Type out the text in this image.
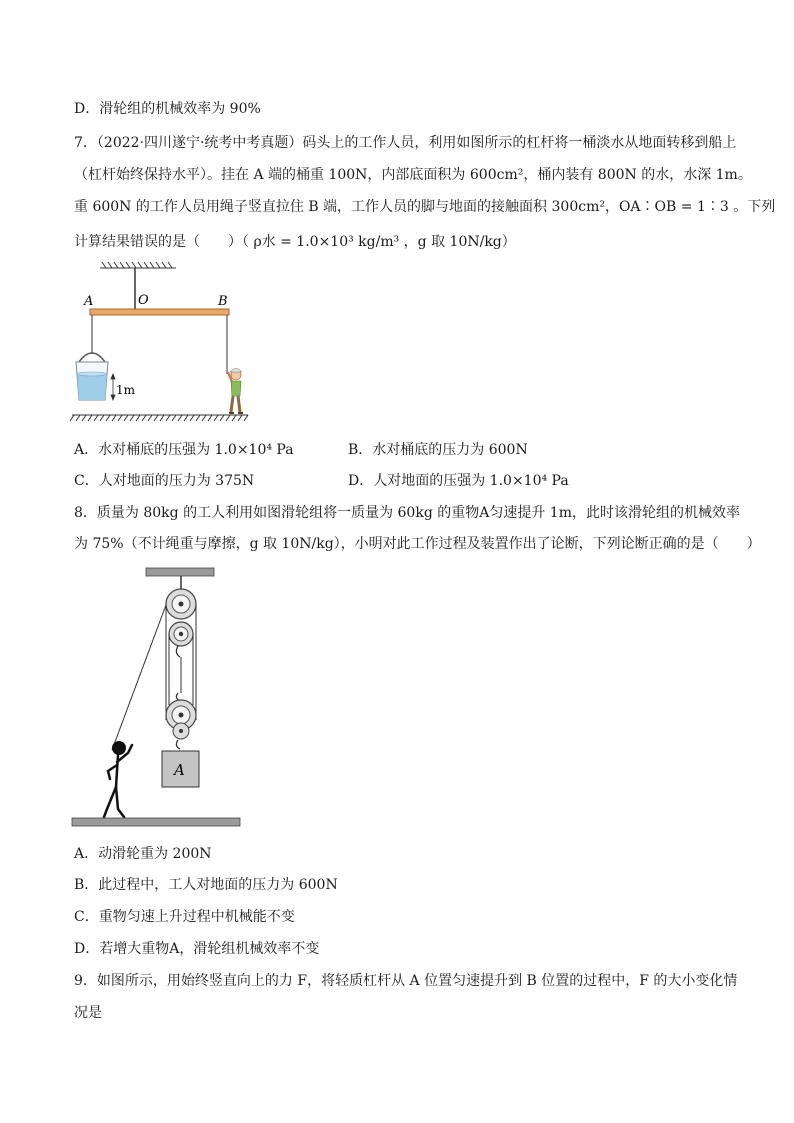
D．滑轮组的机械效率为 90%
7．（2022·四川遂宁·统考中考真题）码头上的工作人员，利用如图所示的杠杆将一桶淡水从地面转移到船上
（杠杆始终保持水平）。挂在 A 端的桶重 100N，内部底面积为 600cm²，桶内装有 800N 的水，水深 1m。
重 600N 的工作人员用绳子竖直拉住 B 端，工作人员的脚与地面的接触面积 300cm²，OA∶OB = 1∶3 。下列
计算结果错误的是（　　）（ ρ水 = 1.0×10³ kg/m³ ，g 取 10N/kg）
A	O	B
1m
A．水对桶底的压强为 1.0×10⁴ Pa	B．水对桶底的压力为 600N
C．人对地面的压力为 375N	D．人对地面的压强为 1.0×10⁴ Pa
8．质量为 80kg 的工人利用如图滑轮组将一质量为 60kg 的重物A匀速提升 1m，此时该滑轮组的机械效率
为 75%（不计绳重与摩擦，g 取 10N/kg），小明对此工作过程及装置作出了论断，下列论断正确的是（　　）
A
A．动滑轮重为 200N
B．此过程中，工人对地面的压力为 600N
C．重物匀速上升过程中机械能不变
D．若增大重物A，滑轮组机械效率不变
9．如图所示，用始终竖直向上的力 F，将轻质杠杆从 A 位置匀速提升到 B 位置的过程中，F 的大小变化情
况是
